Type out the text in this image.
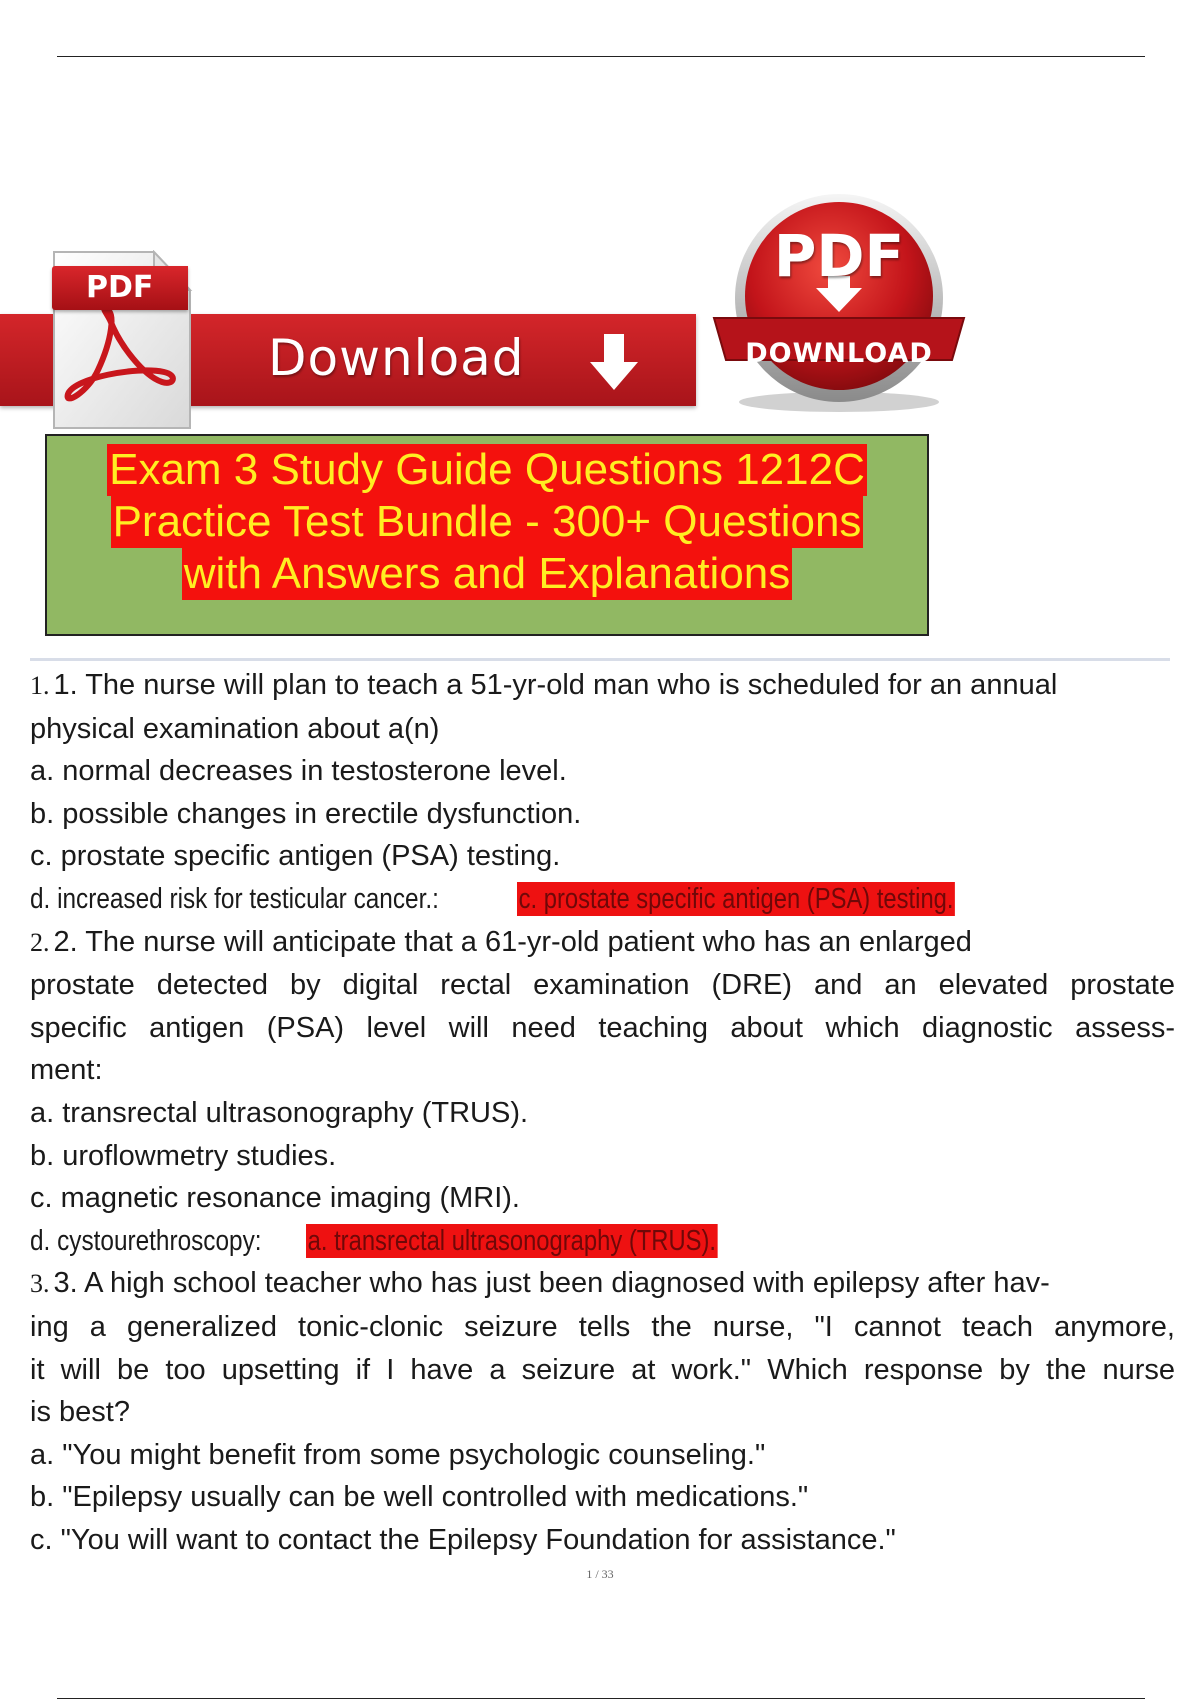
PDF
Download
PDF
DOWNLOAD
Exam 3 Study Guide Questions 1212C
Practice Test Bundle - 300+ Questions
with Answers and Explanations
1. 1. The nurse will plan to teach a 51-yr-old man who is scheduled for an annual
physical examination about a(n)
a. normal decreases in testosterone level.
b. possible changes in erectile dysfunction.
c. prostate specific antigen (PSA) testing.
d. increased risk for testicular cancer.:	c. prostate specific antigen (PSA) testing.
2. 2. The nurse will anticipate that a 61-yr-old patient who has an enlarged
prostate detected by digital rectal examination (DRE) and an elevated prostate
specific antigen (PSA) level will need teaching about which diagnostic assess-
ment:
a. transrectal ultrasonography (TRUS).
b. uroflowmetry studies.
c. magnetic resonance imaging (MRI).
d. cystourethroscopy: a. transrectal ultrasonography (TRUS).
3. 3. A high school teacher who has just been diagnosed with epilepsy after hav-
ing a generalized tonic-clonic seizure tells the nurse, "I cannot teach anymore,
it will be too upsetting if I have a seizure at work." Which response by the nurse
is best?
a. "You might benefit from some psychologic counseling."
b. "Epilepsy usually can be well controlled with medications."
c. "You will want to contact the Epilepsy Foundation for assistance."
1 / 33
